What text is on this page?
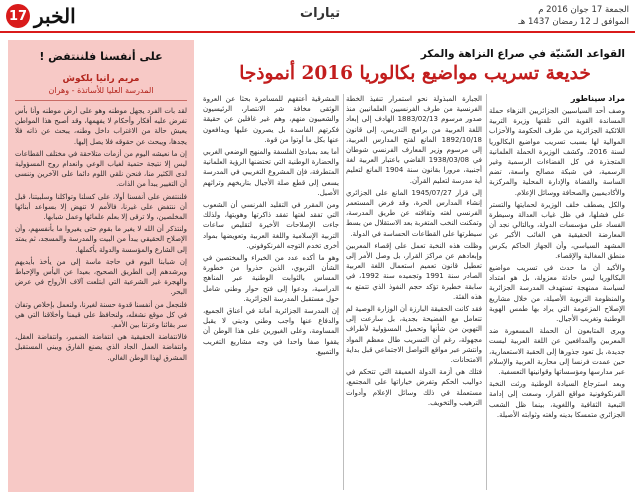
17 الخبر	تيارات	الجمعة 17 جوان 2016 م
الموافق لـ 12 رمضان 1437 هـ
على أنفسنا فلننتفض !
مريم رانيا بلكوش
المدرسة العليا للأساتذة - وهران

لقد بات الفرد يجهل موطنه وهو على أرض موطنه وأنا بأس تفرض عليه أفكار وأحكام لا يفهمها، وقد أصبح هذا المواطن يعيش حالة من الاغتراب داخل وطنه، يبحث عن ذاته فلا يجدها، ويبحث عن حقوقه فلا يصل إليها.

إن ما نعيشه اليوم من أزمات متلاحقة في مختلف القطاعات ليس إلا نتيجة حتمية لغياب الوعي وانعدام روح المسؤولية لدى الكثير منا، فنحن نلقي اللوم دائما على الآخرين وننسى أن التغيير يبدأ من الذات.

فلننتفض على أنفسنا أولا، على كسلنا وتواكلنا وسلبيتنا، قبل أن ننتفض على غيرنا، فالأمم لا تنهض إلا بسواعد أبنائها المخلصين، ولا ترقى إلا بعلم علمائها وعمل شبابها.

ولنتذكر أن الله لا يغير ما بقوم حتى يغيروا ما بأنفسهم، وأن الإصلاح الحقيقي يبدأ من البيت والمدرسة والمسجد، ثم يمتد إلى الشارع والمؤسسة والدولة بأكملها.

إن شبابنا اليوم في حاجة ماسة إلى من يأخذ بأيديهم ويرشدهم إلى الطريق الصحيح، بعيدا عن اليأس والإحباط والهجرة غير الشرعية التي ابتلعت آلاف الأرواح في عرض البحر.

فلنجعل من أنفسنا قدوة حسنة لغيرنا، ولنعمل بإخلاص وتفان في كل موقع نشغله، ولنحافظ على قيمنا وأخلاقنا التي هي سر بقائنا وعزتنا بين الأمم.

فالانتفاضة الحقيقية هي انتفاضة الضمير، وانتفاضة العقل، وانتفاضة العمل الجاد الذي يصنع الفارق ويبني المستقبل المشرق لهذا الوطن الغالي.

القواعد السّنيّة في صراع النزاهة والمكر
خديعة تسريب مواضيع بكالوريا 2016 أنموذجا
مراد سيناطور

وصف أحد السياسيين الجزائريين النزهاء حملة المساندة القوية التي تلقتها وزيرة التربية اللائكية الجزائرية من طرف الحكومة والأحزاب الموالية لها بسبب تسريب مواضيع البكالوريا لسنة 2016، وكشف الوزيرة الحملة العلمانية المتجذرة في كل الفضاءات الرسمية وغير الرسمية، في شبكة مصالح واسعة، تضم الساسة والقضاة والإدارة المحلية والمركزية والأكاديميين والصحافة ووسائل الإعلام.

والكل يصطف خلف الوزيرة لحمايتها والتستر على فشلها، في ظل غياب العدالة وسيطرة الفساد على مؤسسات الدولة، وبالتالي نجد أن المعارضة الحقيقية هي الغائب الأكبر عن المشهد السياسي، وأن الجهاز الحاكم يكرس منطق المغالبة والإقصاء.

والأكيد أن ما حدث في تسريب مواضيع البكالوريا ليس حادثة معزولة، بل هو امتداد لسياسة ممنهجة تستهدف المدرسة الجزائرية والمنظومة التربوية الأصيلة، من خلال مشاريع الإصلاح المزعومة التي يراد بها طمس الهوية الوطنية وتغريب الأجيال.

ويرى المتابعون أن الحملة المسعورة ضد المعربين والمدافعين عن اللغة العربية ليست جديدة، بل تعود جذورها إلى الحقبة الاستعمارية، حين عمدت فرنسا إلى محاربة العربية والإسلام عبر مدارسها ومؤسساتها وقوانينها التعسفية.

وبعد استرجاع السيادة الوطنية ورثت النخبة الفرنكوفونية مواقع القرار، وسعت إلى إدامة التبعية الثقافية واللغوية، بينما ظل الشعب الجزائري متمسكا بدينه ولغته وثوابته الأصيلة.

الجبارة المبذولة نحو استمرار تنفيذ الخطة الفرنسية من طرف الفرنسيين العلمانيين منذ صدور مرسوم 1883/02/13 الهادف إلى إبعاد اللغة العربية من برامج التدريس، إلى قانون 1892/10/18 المانع لفتح المدارس العربية، إلى مرسوم وزير المعارف الفرنسي شوطان في 1938/03/08 القاضي باعتبار العربية لغة أجنبية، مرورا بقانون سنة 1904 المانع لتعليم أية مدرسة لتعليم القرآن.

إلى قرار 1945/07/27 المانع على الجزائري إنشاء المدارس الحرة، وقد فرض المستعمر الفرنسي لغته وثقافته عن طريق المدرسة، وتمكنت النخب المتغربة بعد الاستقلال من بسط سيطرتها على القطاعات الحساسة في الدولة.

وظلت هذه النخبة تعمل على إقصاء المعربين وإبعادهم عن مراكز القرار، بل وصل الأمر إلى تعطيل قانون تعميم استعمال اللغة العربية الصادر سنة 1991 وتجميده سنة 1992، في سابقة خطيرة تؤكد حجم النفوذ الذي تتمتع به هذه الفئة.

فقد كانت الحقيقة البارزة أن الوزارة الوصية لم تتعامل مع الفضيحة بجدية، بل سارعت إلى التهوين من شأنها وتحميل المسؤولية لأطراف مجهولة، رغم أن التسريب طال معظم المواد وانتشر عبر مواقع التواصل الاجتماعي قبل بداية الامتحانات.

فتلك هي أزمة الدولة العميقة التي تتحكم في دواليب الحكم وتفرض خياراتها على المجتمع، مستعملة في ذلك وسائل الإعلام وأدوات الترهيب والتخويف.

المشرقية أعتقهم للمسامرة بحثا عن العروة الوثقى مخافة شر الانتصار، الرئيسيون والشعبيون منهم، وهم غير غافلين عن حقيقة فكرتهم الفاسدة بل يصرون عليها ويدافعون عنها بكل ما أوتوا من قوة.

أما بعد بمبادئ الفلسفة والمنهج الوضعي الغربي والحضارة الوطنية التي تحتضنها الرؤية العلمانية المتطرفة، فإن المشروع التغريبي في المدرسة يسعى إلى قطع صلة الأجيال بتاريخهم وتراثهم الأصيل.

ومن المقرر في التقليد الفرنسي أن الشعوب التي تفقد لغتها تفقد ذاكرتها وهويتها، ولذلك جاءت الإصلاحات الأخيرة لتقليص ساعات التربية الإسلامية واللغة العربية وتعويضها بمواد أخرى تخدم التوجه الفرنكوفوني.

وهو ما أكده عدد من الخبراء والمختصين في الشأن التربوي، الذين حذروا من خطورة المساس بالثوابت الوطنية عبر المناهج الدراسية، ودعوا إلى فتح حوار وطني شامل حول مستقبل المدرسة الجزائرية.

إن المدرسة الجزائرية أمانة في أعناق الجميع، والدفاع عنها واجب وطني وديني لا يقبل المساومة، وعلى الغيورين على هذا الوطن أن يقفوا صفا واحدا في وجه مشاريع التغريب والتمييع.
